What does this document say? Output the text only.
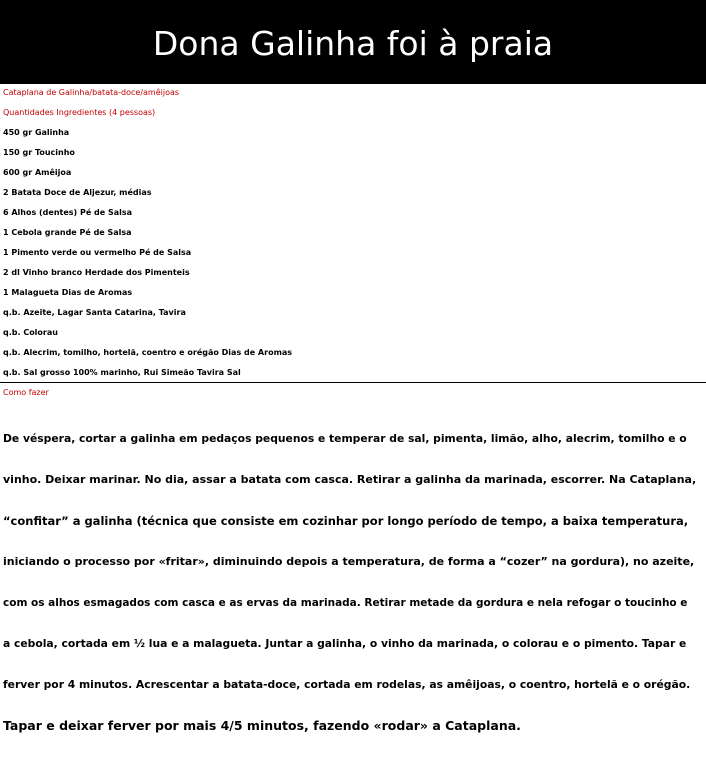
Dona Galinha foi à praia
Cataplana de Galinha/batata-doce/amêijoas
Quantidades Ingredientes (4 pessoas)
450 gr Galinha
150 gr Toucinho
600 gr Amêijoa
2 Batata Doce de Aljezur, médias
6 Alhos (dentes) Pé de Salsa
1 Cebola grande Pé de Salsa
1 Pimento verde ou vermelho Pé de Salsa
2 dl Vinho branco Herdade dos Pimenteis
1 Malagueta Dias de Aromas
q.b. Azeite, Lagar Santa Catarina, Tavira
q.b. Colorau
q.b. Alecrim, tomilho, hortelã, coentro e orégão Dias de Aromas
q.b. Sal grosso 100% marinho, Rui Simeão Tavira Sal
Como fazer

De véspera, cortar a galinha em pedaços pequenos e temperar de sal, pimenta, limão, alho, alecrim, tomilho e o

vinho. Deixar marinar. No dia, assar a batata com casca. Retirar a galinha da marinada, escorrer. Na Cataplana,

“confitar” a galinha (técnica que consiste em cozinhar por longo período de tempo, a baixa temperatura,

iniciando o processo por «fritar», diminuindo depois a temperatura, de forma a “cozer” na gordura), no azeite,

com os alhos esmagados com casca e as ervas da marinada. Retirar metade da gordura e nela refogar o toucinho e

a cebola, cortada em ½ lua e a malagueta. Juntar a galinha, o vinho da marinada, o colorau e o pimento. Tapar e

ferver por 4 minutos. Acrescentar a batata-doce, cortada em rodelas, as amêijoas, o coentro, hortelã e o orégão.

Tapar e deixar ferver por mais 4/5 minutos, fazendo «rodar» a Cataplana.
